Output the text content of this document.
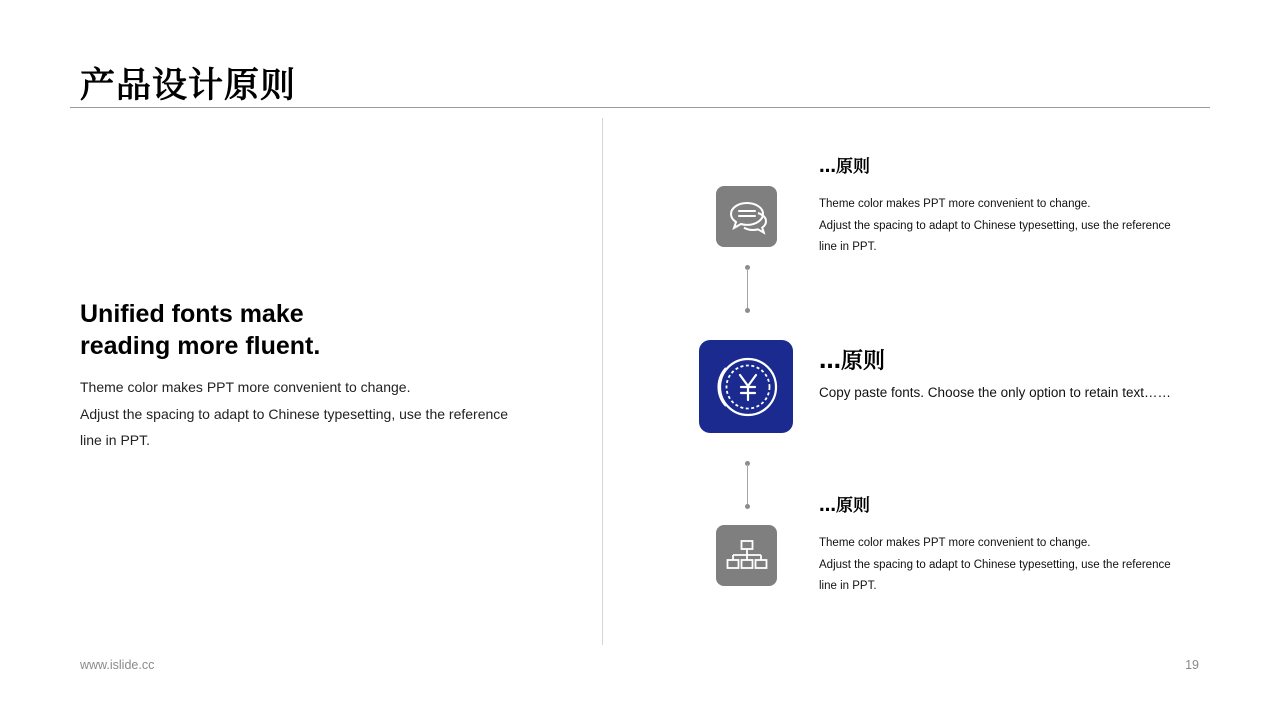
产品设计原则
Unified fonts make
reading more fluent.

Theme color makes PPT more convenient to change.
Adjust the spacing to adapt to Chinese typesetting, use the reference
line in PPT.

…原则

Theme color makes PPT more convenient to change.
Adjust the spacing to adapt to Chinese typesetting, use the reference
line in PPT.

…原则

Copy paste fonts. Choose the only option to retain text……

…原则

Theme color makes PPT more convenient to change.
Adjust the spacing to adapt to Chinese typesetting, use the reference
line in PPT.

www.islide.cc	19
